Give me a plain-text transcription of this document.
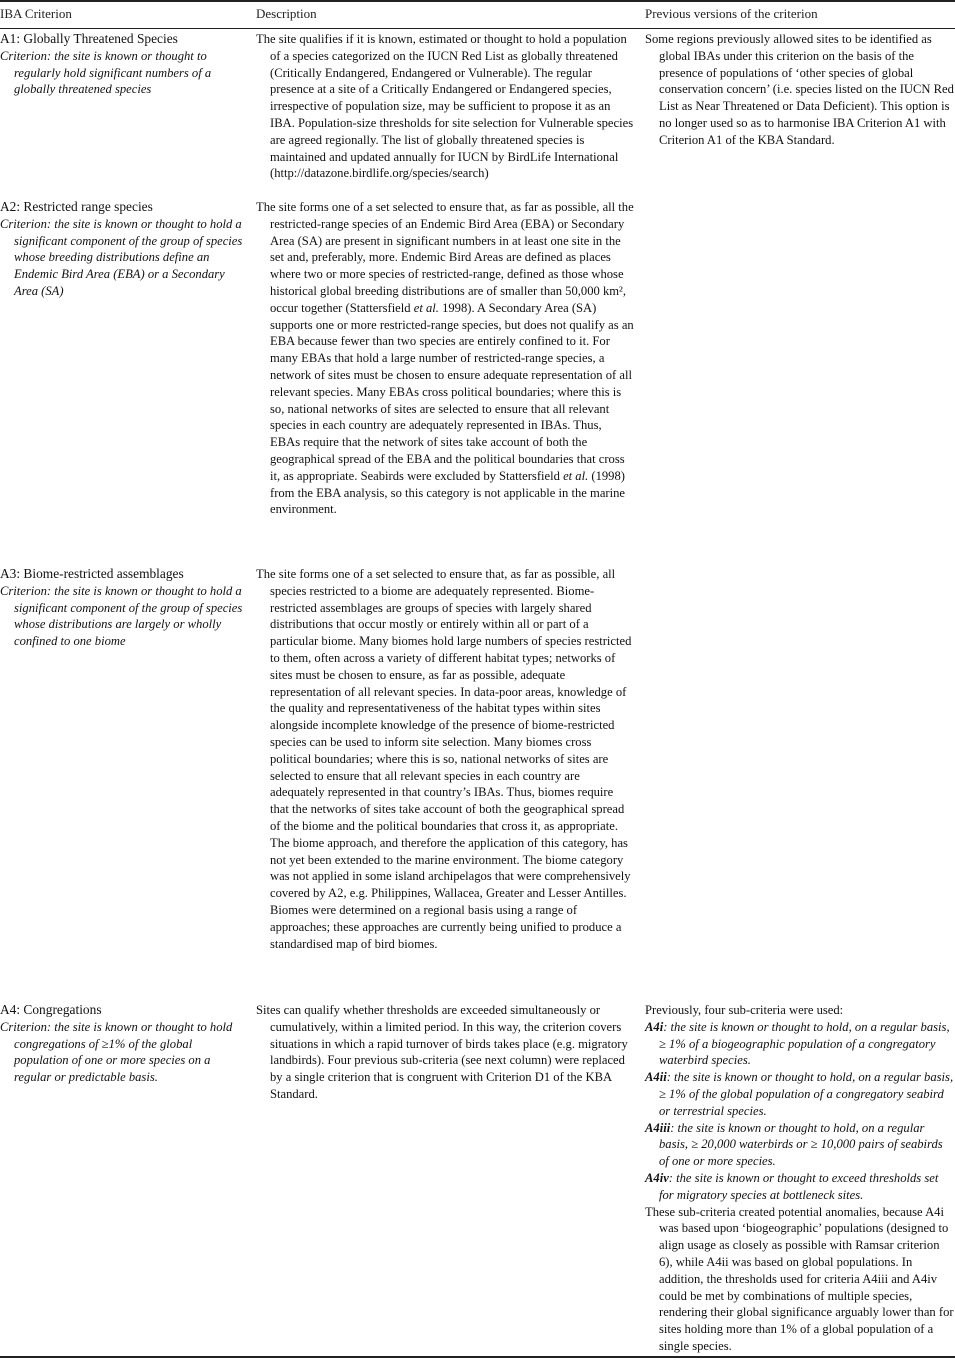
IBA Criterion	Description	Previous versions of the criterion
A1: Globally Threatened Species
Criterion: the site is known or thought to regularly hold significant numbers of a globally threatened species
The site qualifies if it is known, estimated or thought to hold a population of a species categorized on the IUCN Red List as globally threatened (Critically Endangered, Endangered or Vulnerable). The regular presence at a site of a Critically Endangered or Endangered species, irrespective of population size, may be sufficient to propose it as an IBA. Population-size thresholds for site selection for Vulnerable species are agreed regionally. The list of globally threatened species is maintained and updated annually for IUCN by BirdLife International (http://datazone.birdlife.org/species/search)
Some regions previously allowed sites to be identified as global IBAs under this criterion on the basis of the presence of populations of ‘other species of global conservation concern’ (i.e. species listed on the IUCN Red List as Near Threatened or Data Deficient). This option is no longer used so as to harmonise IBA Criterion A1 with Criterion A1 of the KBA Standard.
A2: Restricted range species
Criterion: the site is known or thought to hold a significant component of the group of species whose breeding distributions define an Endemic Bird Area (EBA) or a Secondary Area (SA)
The site forms one of a set selected to ensure that, as far as possible, all the restricted-range species of an Endemic Bird Area (EBA) or Secondary Area (SA) are present in significant numbers in at least one site in the set and, preferably, more. Endemic Bird Areas are defined as places where two or more species of restricted-range, defined as those whose historical global breeding distributions are of smaller than 50,000 km², occur together (Stattersfield et al. 1998). A Secondary Area (SA) supports one or more restricted-range species, but does not qualify as an EBA because fewer than two species are entirely confined to it. For many EBAs that hold a large number of restricted-range species, a network of sites must be chosen to ensure adequate representation of all relevant species. Many EBAs cross political boundaries; where this is so, national networks of sites are selected to ensure that all relevant species in each country are adequately represented in IBAs. Thus, EBAs require that the network of sites take account of both the geographical spread of the EBA and the political boundaries that cross it, as appropriate. Seabirds were excluded by Stattersfield et al. (1998) from the EBA analysis, so this category is not applicable in the marine environment.
A3: Biome-restricted assemblages
Criterion: the site is known or thought to hold a significant component of the group of species whose distributions are largely or wholly confined to one biome
The site forms one of a set selected to ensure that, as far as possible, all species restricted to a biome are adequately represented. Biome-restricted assemblages are groups of species with largely shared distributions that occur mostly or entirely within all or part of a particular biome. Many biomes hold large numbers of species restricted to them, often across a variety of different habitat types; networks of sites must be chosen to ensure, as far as possible, adequate representation of all relevant species. In data-poor areas, knowledge of the quality and representativeness of the habitat types within sites alongside incomplete knowledge of the presence of biome-restricted species can be used to inform site selection. Many biomes cross political boundaries; where this is so, national networks of sites are selected to ensure that all relevant species in each country are adequately represented in that country’s IBAs. Thus, biomes require that the networks of sites take account of both the geographical spread of the biome and the political boundaries that cross it, as appropriate. The biome approach, and therefore the application of this category, has not yet been extended to the marine environment. The biome category was not applied in some island archipelagos that were comprehensively covered by A2, e.g. Philippines, Wallacea, Greater and Lesser Antilles. Biomes were determined on a regional basis using a range of approaches; these approaches are currently being unified to produce a standardised map of bird biomes.
A4: Congregations
Criterion: the site is known or thought to hold congregations of ≥1% of the global population of one or more species on a regular or predictable basis.
Sites can qualify whether thresholds are exceeded simultaneously or cumulatively, within a limited period. In this way, the criterion covers situations in which a rapid turnover of birds takes place (e.g. migratory landbirds). Four previous sub-criteria (see next column) were replaced by a single criterion that is congruent with Criterion D1 of the KBA Standard.
Previously, four sub-criteria were used:
A4i: the site is known or thought to hold, on a regular basis, ≥ 1% of a biogeographic population of a congregatory waterbird species.
A4ii: the site is known or thought to hold, on a regular basis, ≥ 1% of the global population of a congregatory seabird or terrestrial species.
A4iii: the site is known or thought to hold, on a regular basis, ≥ 20,000 waterbirds or ≥ 10,000 pairs of seabirds of one or more species.
A4iv: the site is known or thought to exceed thresholds set for migratory species at bottleneck sites.
These sub-criteria created potential anomalies, because A4i was based upon ‘biogeographic’ populations (designed to align usage as closely as possible with Ramsar criterion 6), while A4ii was based on global populations. In addition, the thresholds used for criteria A4iii and A4iv could be met by combinations of multiple species, rendering their global significance arguably lower than for sites holding more than 1% of a global population of a single species.
